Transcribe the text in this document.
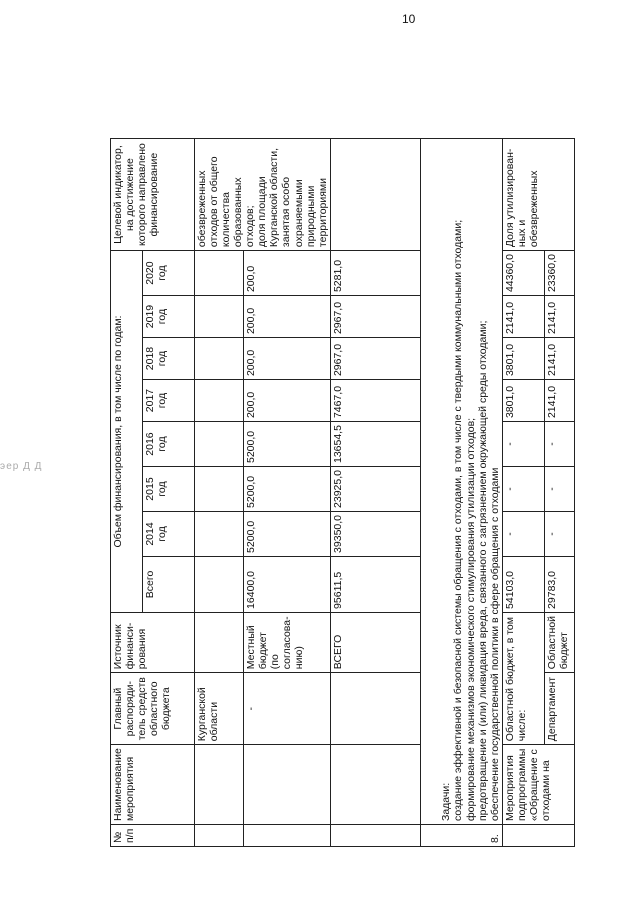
10
эер Д Д
№ п/п	Наименование мероприятия	Главный распоряди-тель средств областного бюджета	Источник финанси-рования	Объем финансирования, в том числе по годам:								Целевой индикатор, на достижение которого направлено финансирование
				Всего	2014 год	2015 год	2016 год	2017 год	2018 год	2019 год	2020 год	
		Курганской области										обезвреженных отходов от общего количества образованных отходов;
доля площади Курганской области, занятая особо охраняемыми природными территориями
		-	Местный бюджет (по согласова-нию)	16400,0	5200,0	5200,0	5200,0	200,0	200,0	200,0	200,0	
			ВСЕГО	95611,5	39350,0	23925,0	13654,5	7467,0	2967,0	2967,0	5281,0	
8.	Задачи: создание эффективной и безопасной системы обращения с отходами, в том числе с твердыми коммунальными отходами; формирование механизмов экономического стимулирования утилизации отходов; предотвращение и (или) ликвидация вреда, связанного с загрязнением окружающей среды отходами; обеспечение государственной политики в сфере обращения с отходами											

	Мероприятия подпрограммы «Обращение с отходами на	Областной бюджет, в том числе:		54103,0	-	-	-	3801,0	3801,0	2141,0	44360,0	Доля утилизирован-ных и обезвреженных
		Департамент	Областной бюджет	29783,0	-	-	-	2141,0	2141,0	2141,0	23360,0	
